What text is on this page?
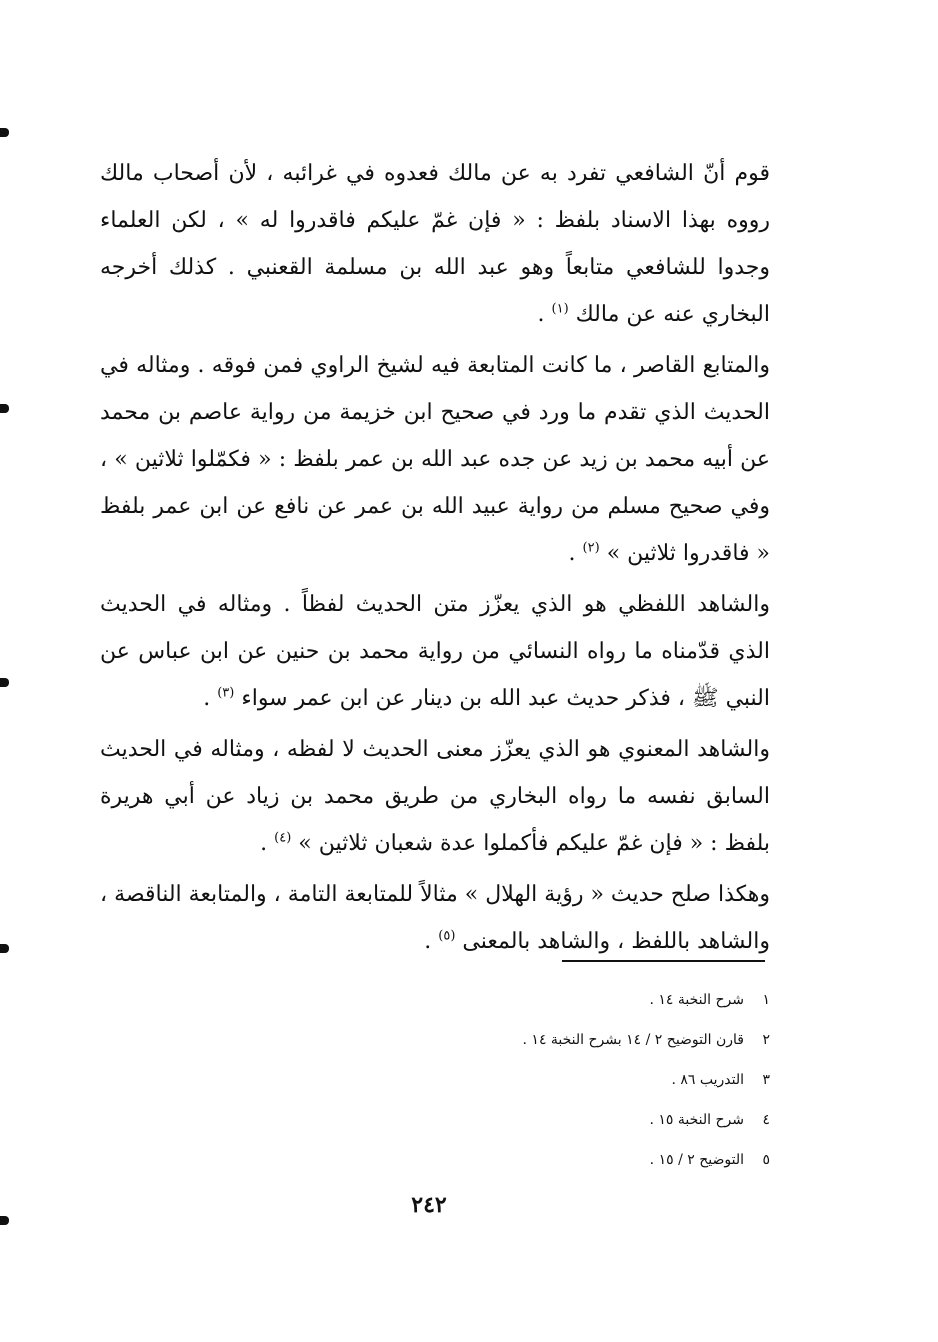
قوم أنّ الشافعي تفرد به عن مالك فعدوه في غرائبه ، لأن أصحاب مالك رووه بهذا الاسناد بلفظ : « فإن غمّ عليكم فاقدروا له » ، لكن العلماء وجدوا للشافعي متابعاً وهو عبد الله بن مسلمة القعنبي . كذلك أخرجه البخاري عنه عن مالك $^{(١)}$ .

والمتابع القاصر ، ما كانت المتابعة فيه لشيخ الراوي فمن فوقه . ومثاله في الحديث الذي تقدم ما ورد في صحيح ابن خزيمة من رواية عاصم بن محمد عن أبيه محمد بن زيد عن جده عبد الله بن عمر بلفظ : « فكمّلوا ثلاثين » ، وفي صحيح مسلم من رواية عبيد الله بن عمر عن نافع عن ابن عمر بلفظ « فاقدروا ثلاثين » $^{(٢)}$ .

والشاهد اللفظي هو الذي يعزّز متن الحديث لفظاً . ومثاله في الحديث الذي قدّمناه ما رواه النسائي من رواية محمد بن حنين عن ابن عباس عن النبي ﷺ ، فذكر حديث عبد الله بن دينار عن ابن عمر سواء $^{(٣)}$ .

والشاهد المعنوي هو الذي يعزّز معنى الحديث لا لفظه ، ومثاله في الحديث السابق نفسه ما رواه البخاري من طريق محمد بن زياد عن أبي هريرة بلفظ : « فإن غمّ عليكم فأكملوا عدة شعبان ثلاثين » $^{(٤)}$ .

وهكذا صلح حديث « رؤية الهلال » مثالاً للمتابعة التامة ، والمتابعة الناقصة ، والشاهد باللفظ ، والشاهد بالمعنى $^{(٥)}$ .

١شرح النخبة ١٤ .
٢قارن التوضيح ٢ / ١٤ بشرح النخبة ١٤ .
٣التدريب ٨٦ .
٤شرح النخبة ١٥ .
٥التوضيح ٢ / ١٥ .
٢٤٢
